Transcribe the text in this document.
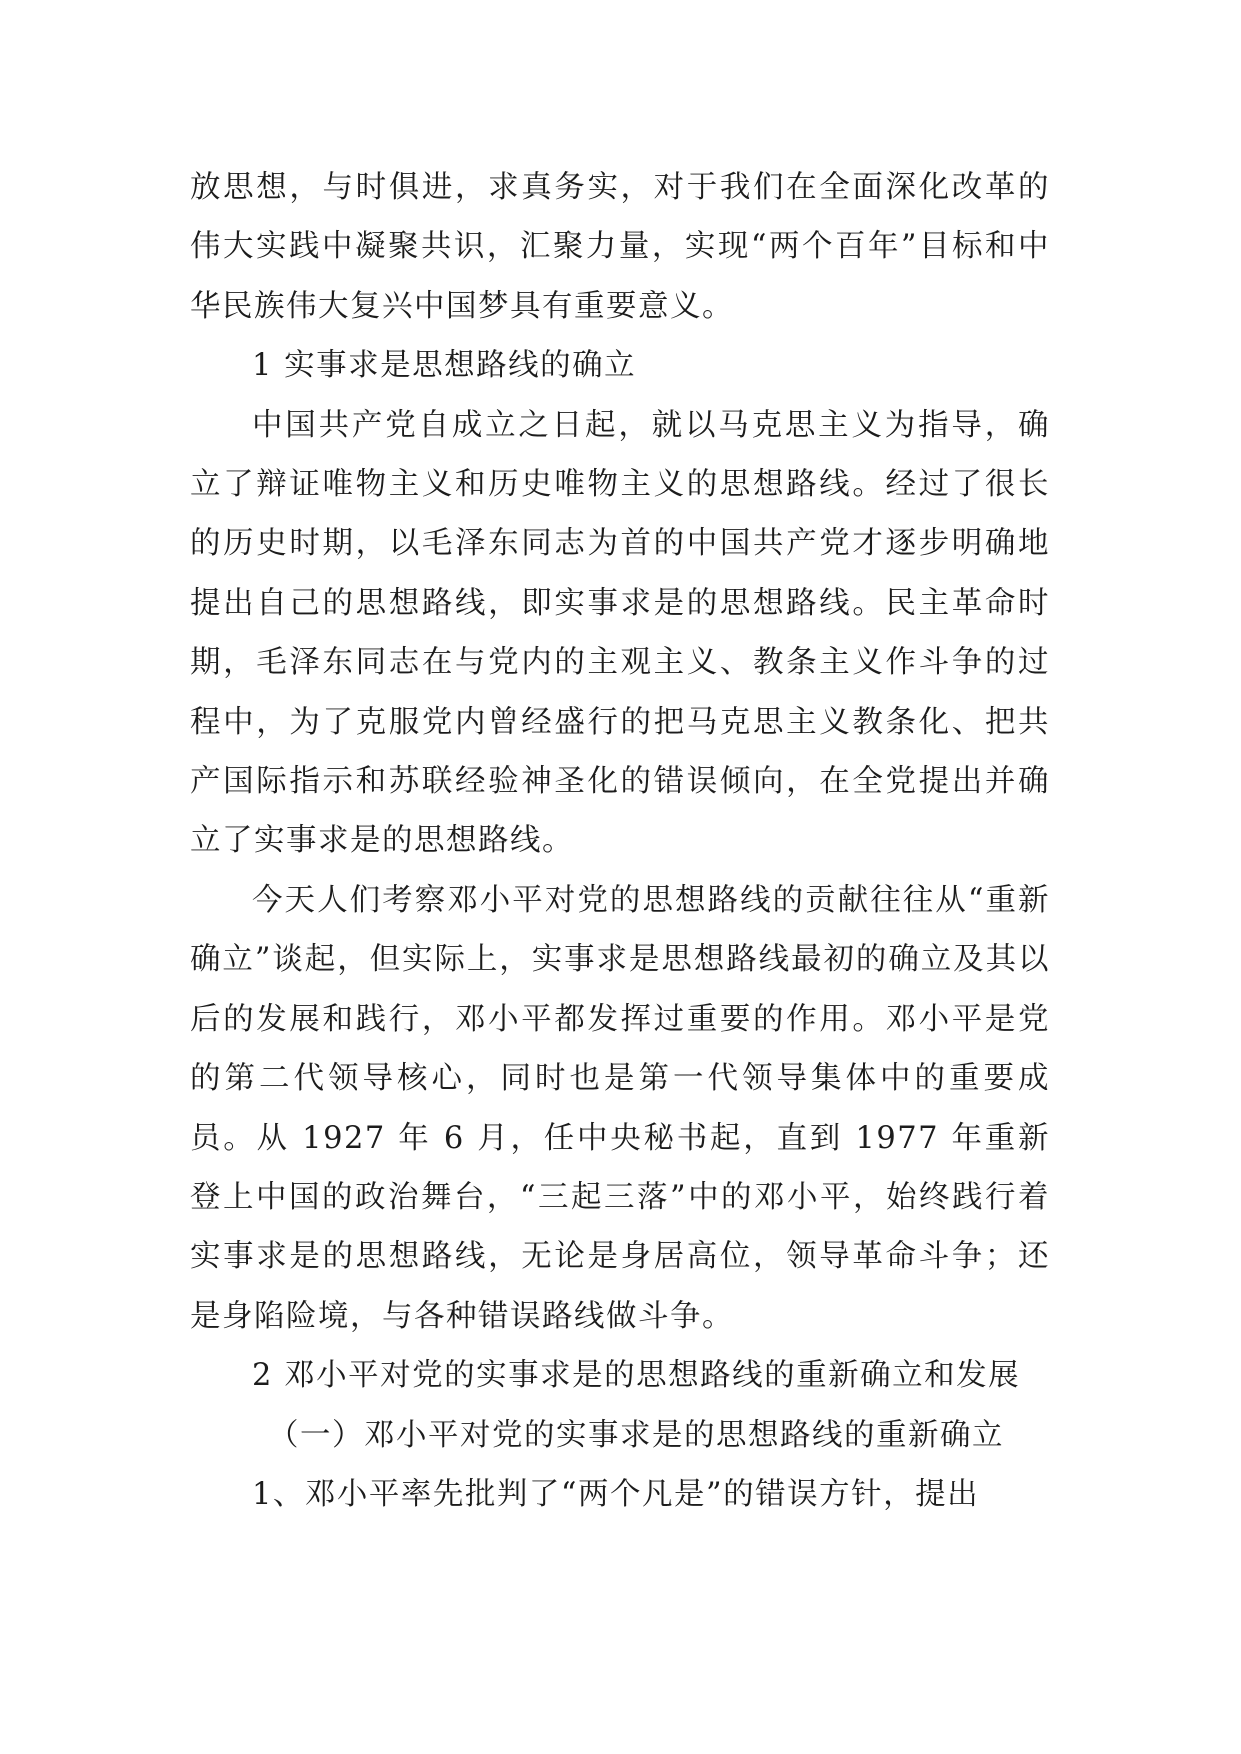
放思想，与时俱进，求真务实，对于我们在全面深化改革的伟大实践中凝聚共识，汇聚力量，实现“两个百年”目标和中华民族伟大复兴中国梦具有重要意义。

1 实事求是思想路线的确立

中国共产党自成立之日起，就以马克思主义为指导，确立了辩证唯物主义和历史唯物主义的思想路线。经过了很长的历史时期，以毛泽东同志为首的中国共产党才逐步明确地提出自己的思想路线，即实事求是的思想路线。民主革命时期，毛泽东同志在与党内的主观主义、教条主义作斗争的过程中，为了克服党内曾经盛行的把马克思主义教条化、把共产国际指示和苏联经验神圣化的错误倾向，在全党提出并确立了实事求是的思想路线。

今天人们考察邓小平对党的思想路线的贡献往往从“重新确立”谈起，但实际上，实事求是思想路线最初的确立及其以后的发展和践行，邓小平都发挥过重要的作用。邓小平是党的第二代领导核心，同时也是第一代领导集体中的重要成员。从 1927 年 6 月，任中央秘书起，直到 1977 年重新登上中国的政治舞台，“三起三落”中的邓小平，始终践行着实事求是的思想路线，无论是身居高位，领导革命斗争；还是身陷险境，与各种错误路线做斗争。

2 邓小平对党的实事求是的思想路线的重新确立和发展

（一）邓小平对党的实事求是的思想路线的重新确立

1、邓小平率先批判了“两个凡是”的错误方针，提出
